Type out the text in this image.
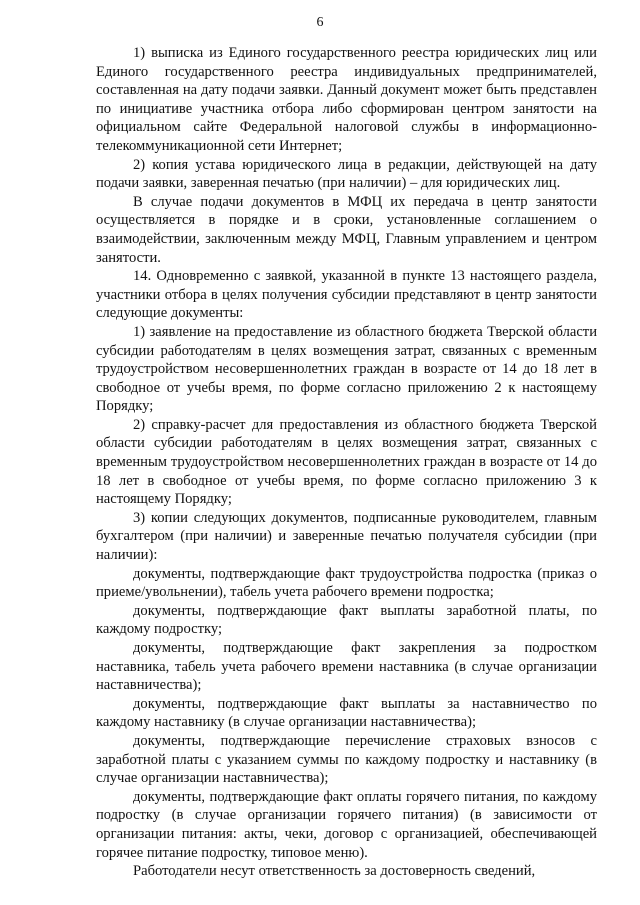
6

1) выписка из Единого государственного реестра юридических лиц или Единого государственного реестра индивидуальных предпринимателей, составленная на дату подачи заявки. Данный документ может быть представлен по инициативе участника отбора либо сформирован центром занятости на официальном сайте Федеральной налоговой службы в информационно-телекоммуникационной сети Интернет;

2) копия устава юридического лица в редакции, действующей на дату подачи заявки, заверенная печатью (при наличии) – для юридических лиц.

В случае подачи документов в МФЦ их передача в центр занятости осуществляется в порядке и в сроки, установленные соглашением о взаимодействии, заключенным между МФЦ, Главным управлением и центром занятости.

14. Одновременно с заявкой, указанной в пункте 13 настоящего раздела, участники отбора в целях получения субсидии представляют в центр занятости следующие документы:

1) заявление на предоставление из областного бюджета Тверской области субсидии работодателям в целях возмещения затрат, связанных с временным трудоустройством несовершеннолетних граждан в возрасте от 14 до 18 лет в свободное от учебы время, по форме согласно приложению 2 к настоящему Порядку;

2) справку-расчет для предоставления из областного бюджета Тверской области субсидии работодателям в целях возмещения затрат, связанных с временным трудоустройством несовершеннолетних граждан в возрасте от 14 до 18 лет в свободное от учебы время, по форме согласно приложению 3 к настоящему Порядку;

3) копии следующих документов, подписанные руководителем, главным бухгалтером (при наличии) и заверенные печатью получателя субсидии (при наличии):

документы, подтверждающие факт трудоустройства подростка (приказ о приеме/увольнении), табель учета рабочего времени подростка;

документы, подтверждающие факт выплаты заработной платы, по каждому подростку;

документы, подтверждающие факт закрепления за подростком наставника, табель учета рабочего времени наставника (в случае организации наставничества);

документы, подтверждающие факт выплаты за наставничество по каждому наставнику (в случае организации наставничества);

документы, подтверждающие перечисление страховых взносов с заработной платы с указанием суммы по каждому подростку и наставнику (в случае организации наставничества);

документы, подтверждающие факт оплаты горячего питания, по каждому подростку (в случае организации горячего питания) (в зависимости от организации питания: акты, чеки, договор с организацией, обеспечивающей горячее питание подростку, типовое меню).

Работодатели несут ответственность за достоверность сведений,
